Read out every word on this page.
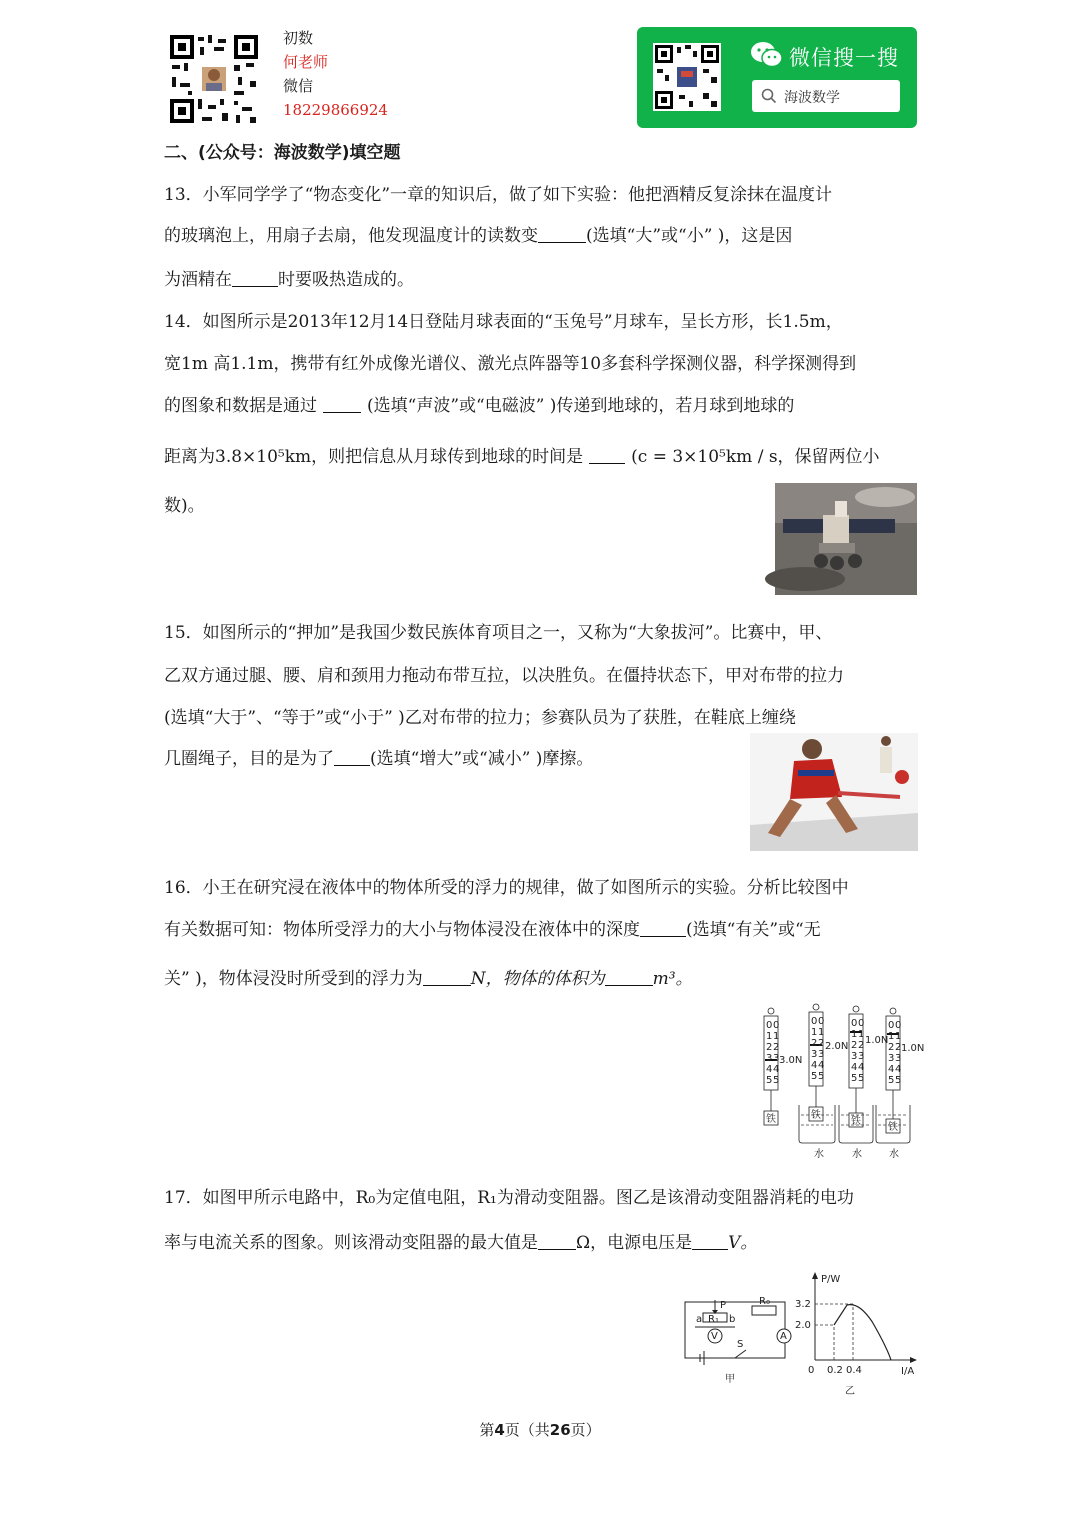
初数
何老师
微信
18229866924
微信搜一搜
海波数学
二、(公众号：海波数学)填空题
13．小军同学学了“物态变化”一章的知识后，做了如下实验：他把酒精反复涂抹在温度计
的玻璃泡上，用扇子去扇，他发现温度计的读数变	(选填“大”或“小” )，这是因
为酒精在	时要吸热造成的。
14．如图所示是2013年12月14日登陆月球表面的“玉兔号”月球车，呈长方形，长1.5m，
宽1m 高1.1m，携带有红外成像光谱仪、激光点阵器等10多套科学探测仪器，科学探测得到
的图象和数据是通过	(选填“声波”或“电磁波” )传递到地球的，若月球到地球的
距离为3.8×10⁵km，则把信息从月球传到地球的时间是	(c = 3×10⁵km / s，保留两位小
数)。
15．如图所示的“押加”是我国少数民族体育项目之一，又称为“大象拔河”。比赛中，甲、
乙双方通过腿、腰、肩和颈用力拖动布带互拉，以决胜负。在僵持状态下，甲对布带的拉力
(选填“大于”、“等于”或“小于” )乙对布带的拉力；参赛队员为了获胜，在鞋底上缠绕
几圈绳子，目的是为了 (选填“增大”或“减小” )摩擦。
16．小王在研究浸在液体中的物体所受的浮力的规律，做了如图所示的实验。分析比较图中
有关数据可知：物体所受浮力的大小与物体浸没在液体中的深度	(选填“有关”或“无
关” )，物体浸没时所受到的浮力为	N，物体的体积为	m³。
0 0
1 1
2 2
3 3
4 4
5 5
0 0
1 1
2 2
3 3
4 4
5 5
0 0
1 1
2 2
3 3
4 4
5 5
0 0
1 1
2 2
3 3
4 4
5 5
3.0N
2.0N
1.0N
1.0N
铁	铁
铁
铁
水	水	水
17．如图甲所示电路中，R₀为定值电阻，R₁为滑动变阻器。图乙是该滑动变阻器消耗的电功
率与电流关系的图象。则该滑动变阻器的最大值是 Ω，电源电压是 V。
P	R₀
a R₁ b
V	A
S
甲
P/W
I/A
3.2
2.0
0 0.2 0.4
乙
第4页（共26页）
